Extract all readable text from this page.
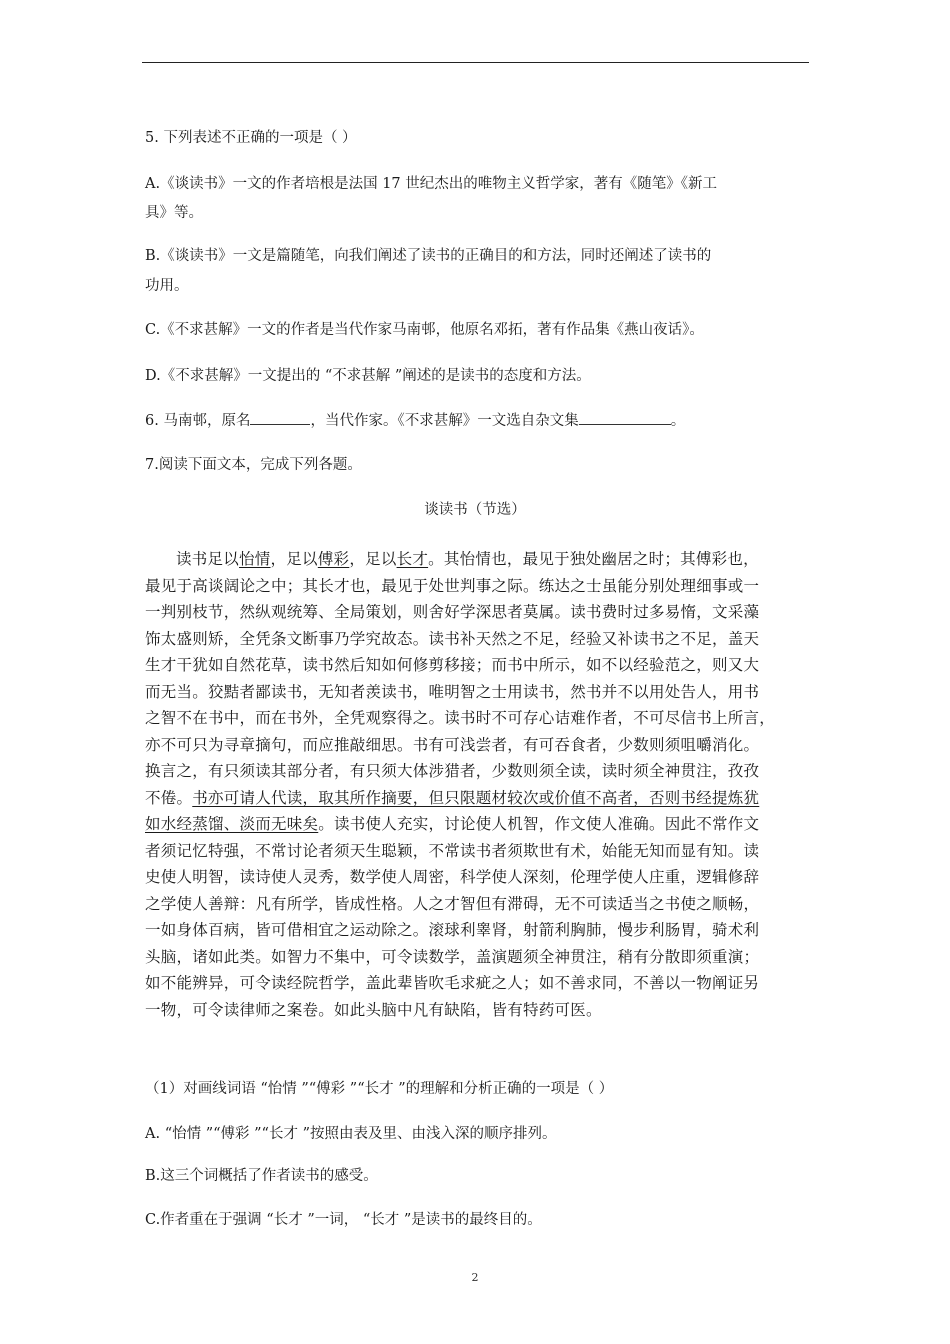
5. 下列表述不正确的一项是（ ）
A.《谈读书》一文的作者培根是法国 17 世纪杰出的唯物主义哲学家，著有《随笔》《新工
具》等。
B.《谈读书》一文是篇随笔，向我们阐述了读书的正确目的和方法，同时还阐述了读书的
功用。
C.《不求甚解》一文的作者是当代作家马南邨，他原名邓拓，著有作品集《燕山夜话》。
D.《不求甚解》一文提出的 “不求甚解 ”阐述的是读书的态度和方法。
6. 马南邨，原名	，当代作家。《不求甚解》一文选自杂文集	。
7.阅读下面文本，完成下列各题。
谈读书（节选）
读书足以怡情，足以傅彩，足以长才。其怡情也，最见于独处幽居之时；其傅彩也，
最见于高谈阔论之中；其长才也，最见于处世判事之际。练达之士虽能分别处理细事或一
一判别枝节，然纵观统筹、全局策划，则舍好学深思者莫属。读书费时过多易惰，文采藻
饰太盛则矫，全凭条文断事乃学究故态。读书补天然之不足，经验又补读书之不足，盖天
生才干犹如自然花草，读书然后知如何修剪移接；而书中所示，如不以经验范之，则又大
而无当。狡黠者鄙读书，无知者羡读书，唯明智之士用读书，然书并不以用处告人，用书
之智不在书中，而在书外，全凭观察得之。读书时不可存心诘难作者，不可尽信书上所言，
亦不可只为寻章摘句，而应推敲细思。书有可浅尝者，有可吞食者，少数则须咀嚼消化。
换言之，有只须读其部分者，有只须大体涉猎者，少数则须全读，读时须全神贯注，孜孜
不倦。书亦可请人代读，取其所作摘要，但只限题材较次或价值不高者，否则书经提炼犹
如水经蒸馏、淡而无味矣。读书使人充实，讨论使人机智，作文使人准确。因此不常作文
者须记忆特强，不常讨论者须天生聪颖，不常读书者须欺世有术，始能无知而显有知。读
史使人明智，读诗使人灵秀，数学使人周密，科学使人深刻，伦理学使人庄重，逻辑修辞
之学使人善辩：凡有所学，皆成性格。人之才智但有滞碍，无不可读适当之书使之顺畅，
一如身体百病，皆可借相宜之运动除之。滚球利睾肾，射箭利胸肺，慢步利肠胃，骑术利
头脑，诸如此类。如智力不集中，可令读数学，盖演题须全神贯注，稍有分散即须重演；
如不能辨异，可令读经院哲学，盖此辈皆吹毛求疵之人；如不善求同，不善以一物阐证另
一物，可令读律师之案卷。如此头脑中凡有缺陷，皆有特药可医。
（1）对画线词语 “怡情 ”“傅彩 ”“长才 ”的理解和分析正确的一项是（ ）
A. “怡情 ”“傅彩 ”“长才 ”按照由表及里、由浅入深的顺序排列。
B.这三个词概括了作者读书的感受。
C.作者重在于强调 “长才 ”一词， “长才 ”是读书的最终目的。
2
